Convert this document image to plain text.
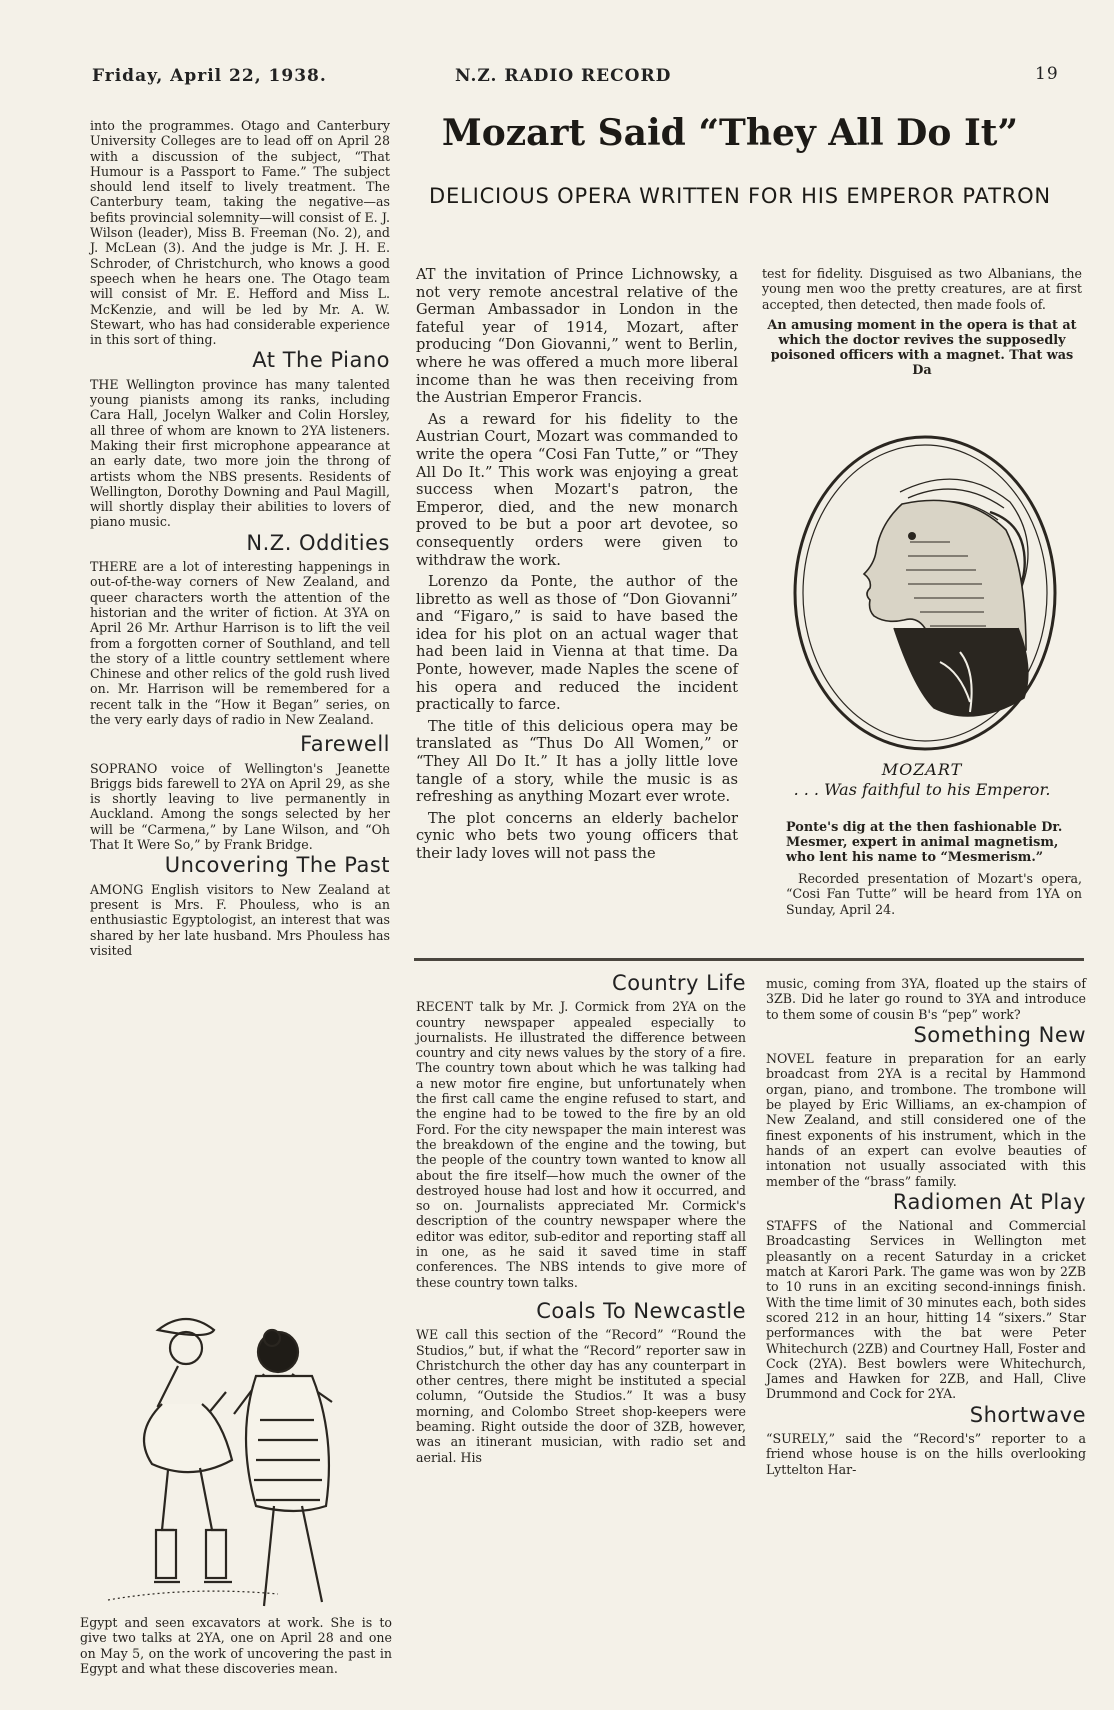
Friday, April 22, 1938.	N.Z. RADIO RECORD	19

into the programmes. Otago and Canterbury University Colleges are to lead off on April 28 with a discussion of the subject, “That Humour is a Passport to Fame.” The subject should lend itself to lively treatment. The Canterbury team, taking the negative—as befits provincial solemnity—will consist of E. J. Wilson (leader), Miss B. Freeman (No. 2), and J. McLean (3). And the judge is Mr. J. H. E. Schroder, of Christchurch, who knows a good speech when he hears one. The Otago team will consist of Mr. E. Hefford and Miss L. McKenzie, and will be led by Mr. A. W. Stewart, who has had considerable experience in this sort of thing.

At The Piano

THE Wellington province has many talented young pianists among its ranks, including Cara Hall, Jocelyn Walker and Colin Horsley, all three of whom are known to 2YA listeners. Making their first microphone appearance at an early date, two more join the throng of artists whom the NBS presents. Residents of Wellington, Dorothy Downing and Paul Magill, will shortly display their abilities to lovers of piano music.

N.Z. Oddities

THERE are a lot of interesting happenings in out-of-the-way corners of New Zealand, and queer characters worth the attention of the historian and the writer of fiction. At 3YA on April 26 Mr. Arthur Harrison is to lift the veil from a forgotten corner of Southland, and tell the story of a little country settlement where Chinese and other relics of the gold rush lived on. Mr. Harrison will be remembered for a recent talk in the “How it Began” series, on the very early days of radio in New Zealand.

Farewell

SOPRANO voice of Wellington's Jeanette Briggs bids farewell to 2YA on April 29, as she is shortly leaving to live permanently in Auckland. Among the songs selected by her will be “Carmena,” by Lane Wilson, and “Oh That It Were So,” by Frank Bridge.

Uncovering The Past

AMONG English visitors to New Zealand at present is Mrs. F. Phouless, who is an enthusiastic Egyptologist, an interest that was shared by her late husband. Mrs Phouless has visited

Egypt and seen excavators at work. She is to give two talks at 2YA, one on April 28 and one on May 5, on the work of uncovering the past in Egypt and what these discoveries mean.

Mozart Said “They All Do It”
DELICIOUS OPERA WRITTEN FOR HIS EMPEROR PATRON

AT the invitation of Prince Lichnowsky, a not very remote ancestral relative of the German Ambassador in London in the fateful year of 1914, Mozart, after producing “Don Giovanni,” went to Berlin, where he was offered a much more liberal income than he was then receiving from the Austrian Emperor Francis.

As a reward for his fidelity to the Austrian Court, Mozart was commanded to write the opera “Cosi Fan Tutte,” or “They All Do It.” This work was enjoying a great success when Mozart's patron, the Emperor, died, and the new monarch proved to be but a poor art devotee, so consequently orders were given to withdraw the work.

Lorenzo da Ponte, the author of the libretto as well as those of “Don Giovanni” and “Figaro,” is said to have based the idea for his plot on an actual wager that had been laid in Vienna at that time. Da Ponte, however, made Naples the scene of his opera and reduced the incident practically to farce.

The title of this delicious opera may be translated as “Thus Do All Women,” or “They All Do It.” It has a jolly little love tangle of a story, while the music is as refreshing as anything Mozart ever wrote.

The plot concerns an elderly bachelor cynic who bets two young officers that their lady loves will not pass the

test for fidelity. Disguised as two Albanians, the young men woo the pretty creatures, are at first accepted, then detected, then made fools of.

An amusing moment in the opera is that at which the doctor revives the supposedly poisoned officers with a magnet. That was Da
MOZART
. . . Was faithful to his Emperor.
Ponte's dig at the then fashionable Dr. Mesmer, expert in animal magnetism, who lent his name to “Mesmerism.”

Recorded presentation of Mozart's opera, “Cosi Fan Tutte” will be heard from 1YA on Sunday, April 24.

Country Life

RECENT talk by Mr. J. Cormick from 2YA on the country newspaper appealed especially to journalists. He illustrated the difference between country and city news values by the story of a fire. The country town about which he was talking had a new motor fire engine, but unfortunately when the first call came the engine refused to start, and the engine had to be towed to the fire by an old Ford. For the city newspaper the main interest was the breakdown of the engine and the towing, but the people of the country town wanted to know all about the fire itself—how much the owner of the destroyed house had lost and how it occurred, and so on. Journalists appreciated Mr. Cormick's description of the country newspaper where the editor was editor, sub-editor and reporting staff all in one, as he said it saved time in staff conferences. The NBS intends to give more of these country town talks.

Coals To Newcastle

WE call this section of the “Record” “Round the Studios,” but, if what the “Record” reporter saw in Christchurch the other day has any counterpart in other centres, there might be instituted a special column, “Outside the Studios.” It was a busy morning, and Colombo Street shop-keepers were beaming. Right outside the door of 3ZB, however, was an itinerant musician, with radio set and aerial. His

music, coming from 3YA, floated up the stairs of 3ZB. Did he later go round to 3YA and introduce to them some of cousin B's “pep” work?

Something New

NOVEL feature in preparation for an early broadcast from 2YA is a recital by Hammond organ, piano, and trombone. The trombone will be played by Eric Williams, an ex-champion of New Zealand, and still considered one of the finest exponents of his instrument, which in the hands of an expert can evolve beauties of intonation not usually associated with this member of the “brass” family.

Radiomen At Play

STAFFS of the National and Commercial Broadcasting Services in Wellington met pleasantly on a recent Saturday in a cricket match at Karori Park. The game was won by 2ZB to 10 runs in an exciting second-innings finish. With the time limit of 30 minutes each, both sides scored 212 in an hour, hitting 14 “sixers.” Star performances with the bat were Peter Whitechurch (2ZB) and Courtney Hall, Foster and Cock (2YA). Best bowlers were Whitechurch, James and Hawken for 2ZB, and Hall, Clive Drummond and Cock for 2YA.

Shortwave

“SURELY,” said the “Record's” reporter to a friend whose house is on the hills overlooking Lyttelton Har-
